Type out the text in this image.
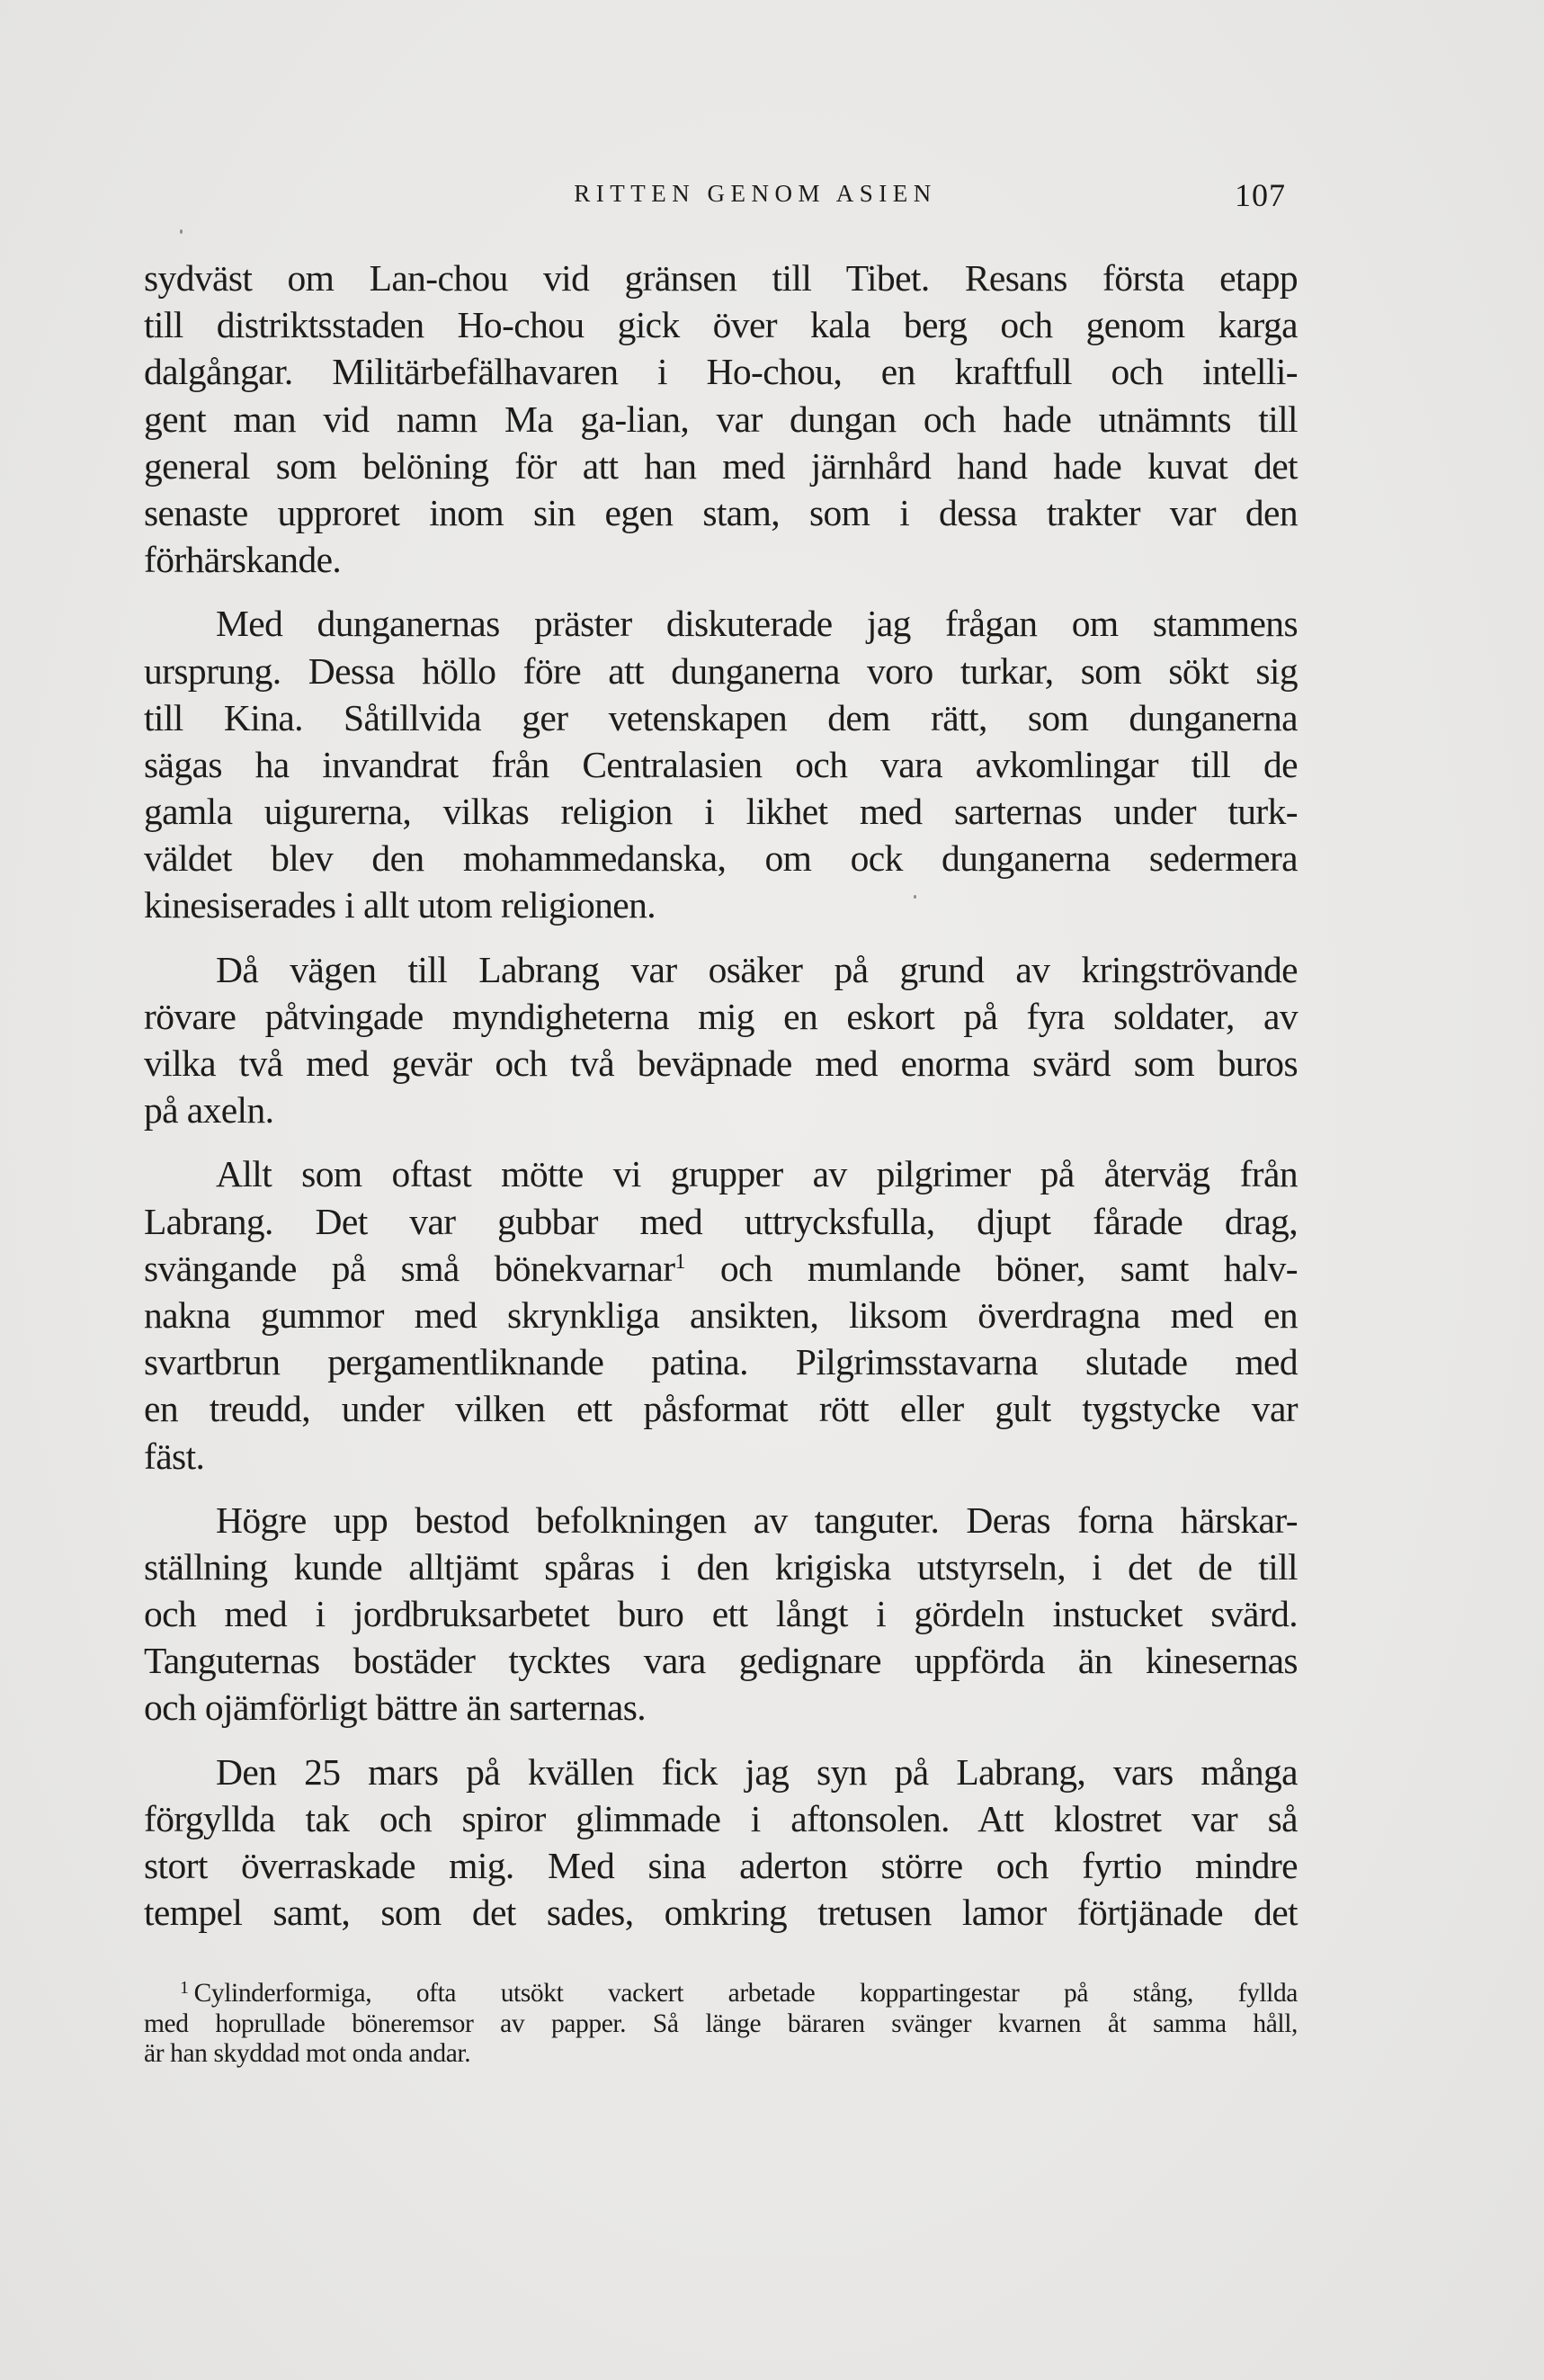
RITTEN GENOM ASIEN	107
sydväst om Lan-chou vid gränsen till Tibet. Resans första etapp
till distriktsstaden Ho-chou gick över kala berg och genom karga
dalgångar. Militärbefälhavaren i Ho-chou, en kraftfull och intelli-
gent man vid namn Ma ga-lian, var dungan och hade utnämnts till
general som belöning för att han med järnhård hand hade kuvat det
senaste upproret inom sin egen stam, som i dessa trakter var den
förhärskande.
Med dunganernas präster diskuterade jag frågan om stammens
ursprung. Dessa höllo före att dunganerna voro turkar, som sökt sig
till Kina. Såtillvida ger vetenskapen dem rätt, som dunganerna
sägas ha invandrat från Centralasien och vara avkomlingar till de
gamla uigurerna, vilkas religion i likhet med sarternas under turk-
väldet blev den mohammedanska, om ock dunganerna sedermera
kinesiserades i allt utom religionen.
Då vägen till Labrang var osäker på grund av kringströvande
rövare påtvingade myndigheterna mig en eskort på fyra soldater, av
vilka två med gevär och två beväpnade med enorma svärd som buros
på axeln.
Allt som oftast mötte vi grupper av pilgrimer på återväg från
Labrang. Det var gubbar med uttrycksfulla, djupt fårade drag,
svängande på små bönekvarnar$^1$ och mumlande böner, samt halv-
nakna gummor med skrynkliga ansikten, liksom överdragna med en
svartbrun pergamentliknande patina. Pilgrimsstavarna slutade med
en treudd, under vilken ett påsformat rött eller gult tygstycke var
fäst.
Högre upp bestod befolkningen av tanguter. Deras forna härskar-
ställning kunde alltjämt spåras i den krigiska utstyrseln, i det de till
och med i jordbruksarbetet buro ett långt i gördeln instucket svärd.
Tanguternas bostäder tycktes vara gedignare uppförda än kinesernas
och ojämförligt bättre än sarternas.
Den 25 mars på kvällen fick jag syn på Labrang, vars många
förgyllda tak och spiror glimmade i aftonsolen. Att klostret var så
stort överraskade mig. Med sina aderton större och fyrtio mindre
tempel samt, som det sades, omkring tretusen lamor förtjänade det
$^1$ Cylinderformiga, ofta utsökt vackert arbetade koppartingestar på stång, fyllda
med hoprullade böneremsor av papper. Så länge bäraren svänger kvarnen åt samma håll,
är han skyddad mot onda andar.
